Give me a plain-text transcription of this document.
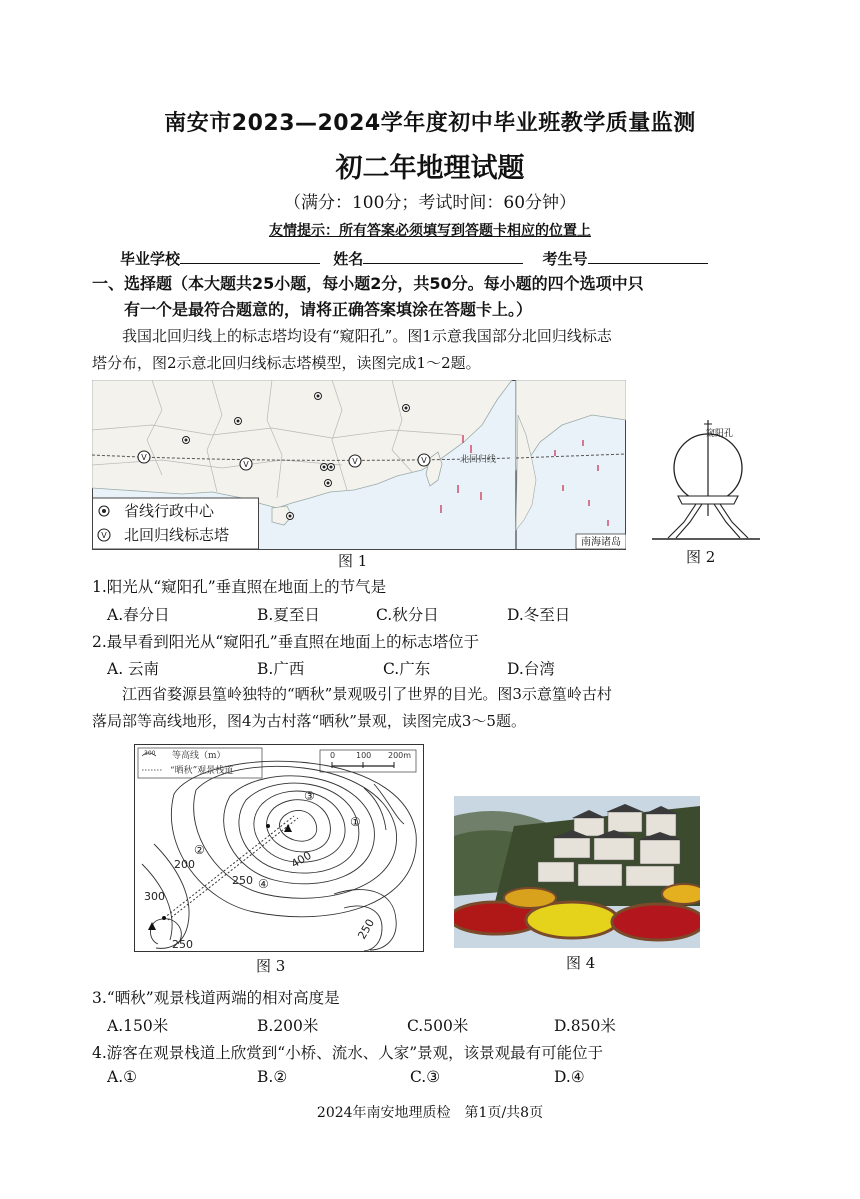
南安市2023—2024学年度初中毕业班教学质量监测
初二年地理试题
（满分：100分；考试时间：60分钟）
友情提示：所有答案必须填写到答题卡相应的位置上
毕业学校	姓名	考生号
一、选择题（本大题共25小题，每小题2分，共50分。每小题的四个选项中只
有一个是最符合题意的，请将正确答案填涂在答题卡上。）
我国北回归线上的标志塔均设有“窥阳孔”。图1示意我国部分北回归线标志
塔分布，图2示意北回归线标志塔模型，读图完成1～2题。
北回归线
V
V	V	V
V
省线行政中心
北回归线标志塔	南海诸岛
图 1
窥阳孔
图 2
1.阳光从“窥阳孔”垂直照在地面上的节气是
A.春分日	B.夏至日	C.秋分日	D.冬至日
2.最早看到阳光从“窥阳孔”垂直照在地面上的标志塔位于
A. 云南	B.广西	C.广东	D.台湾
江西省婺源县篁岭独特的“晒秋”景观吸引了世界的目光。图3示意篁岭古村
落局部等高线地形，图4为古村落“晒秋”景观，读图完成3～5题。
300 等高线（m）
“晒秋”观景栈道
0	100 200m
200
250
300
400
250
250
①
②
③
④
图 3	图 4
3.“晒秋”观景栈道两端的相对高度是
A.150米	B.200米	C.500米	D.850米
4.游客在观景栈道上欣赏到“小桥、流水、人家”景观，该景观最有可能位于
A.①	B.②	C.③	D.④
2024年南安地理质检　第1页/共8页
